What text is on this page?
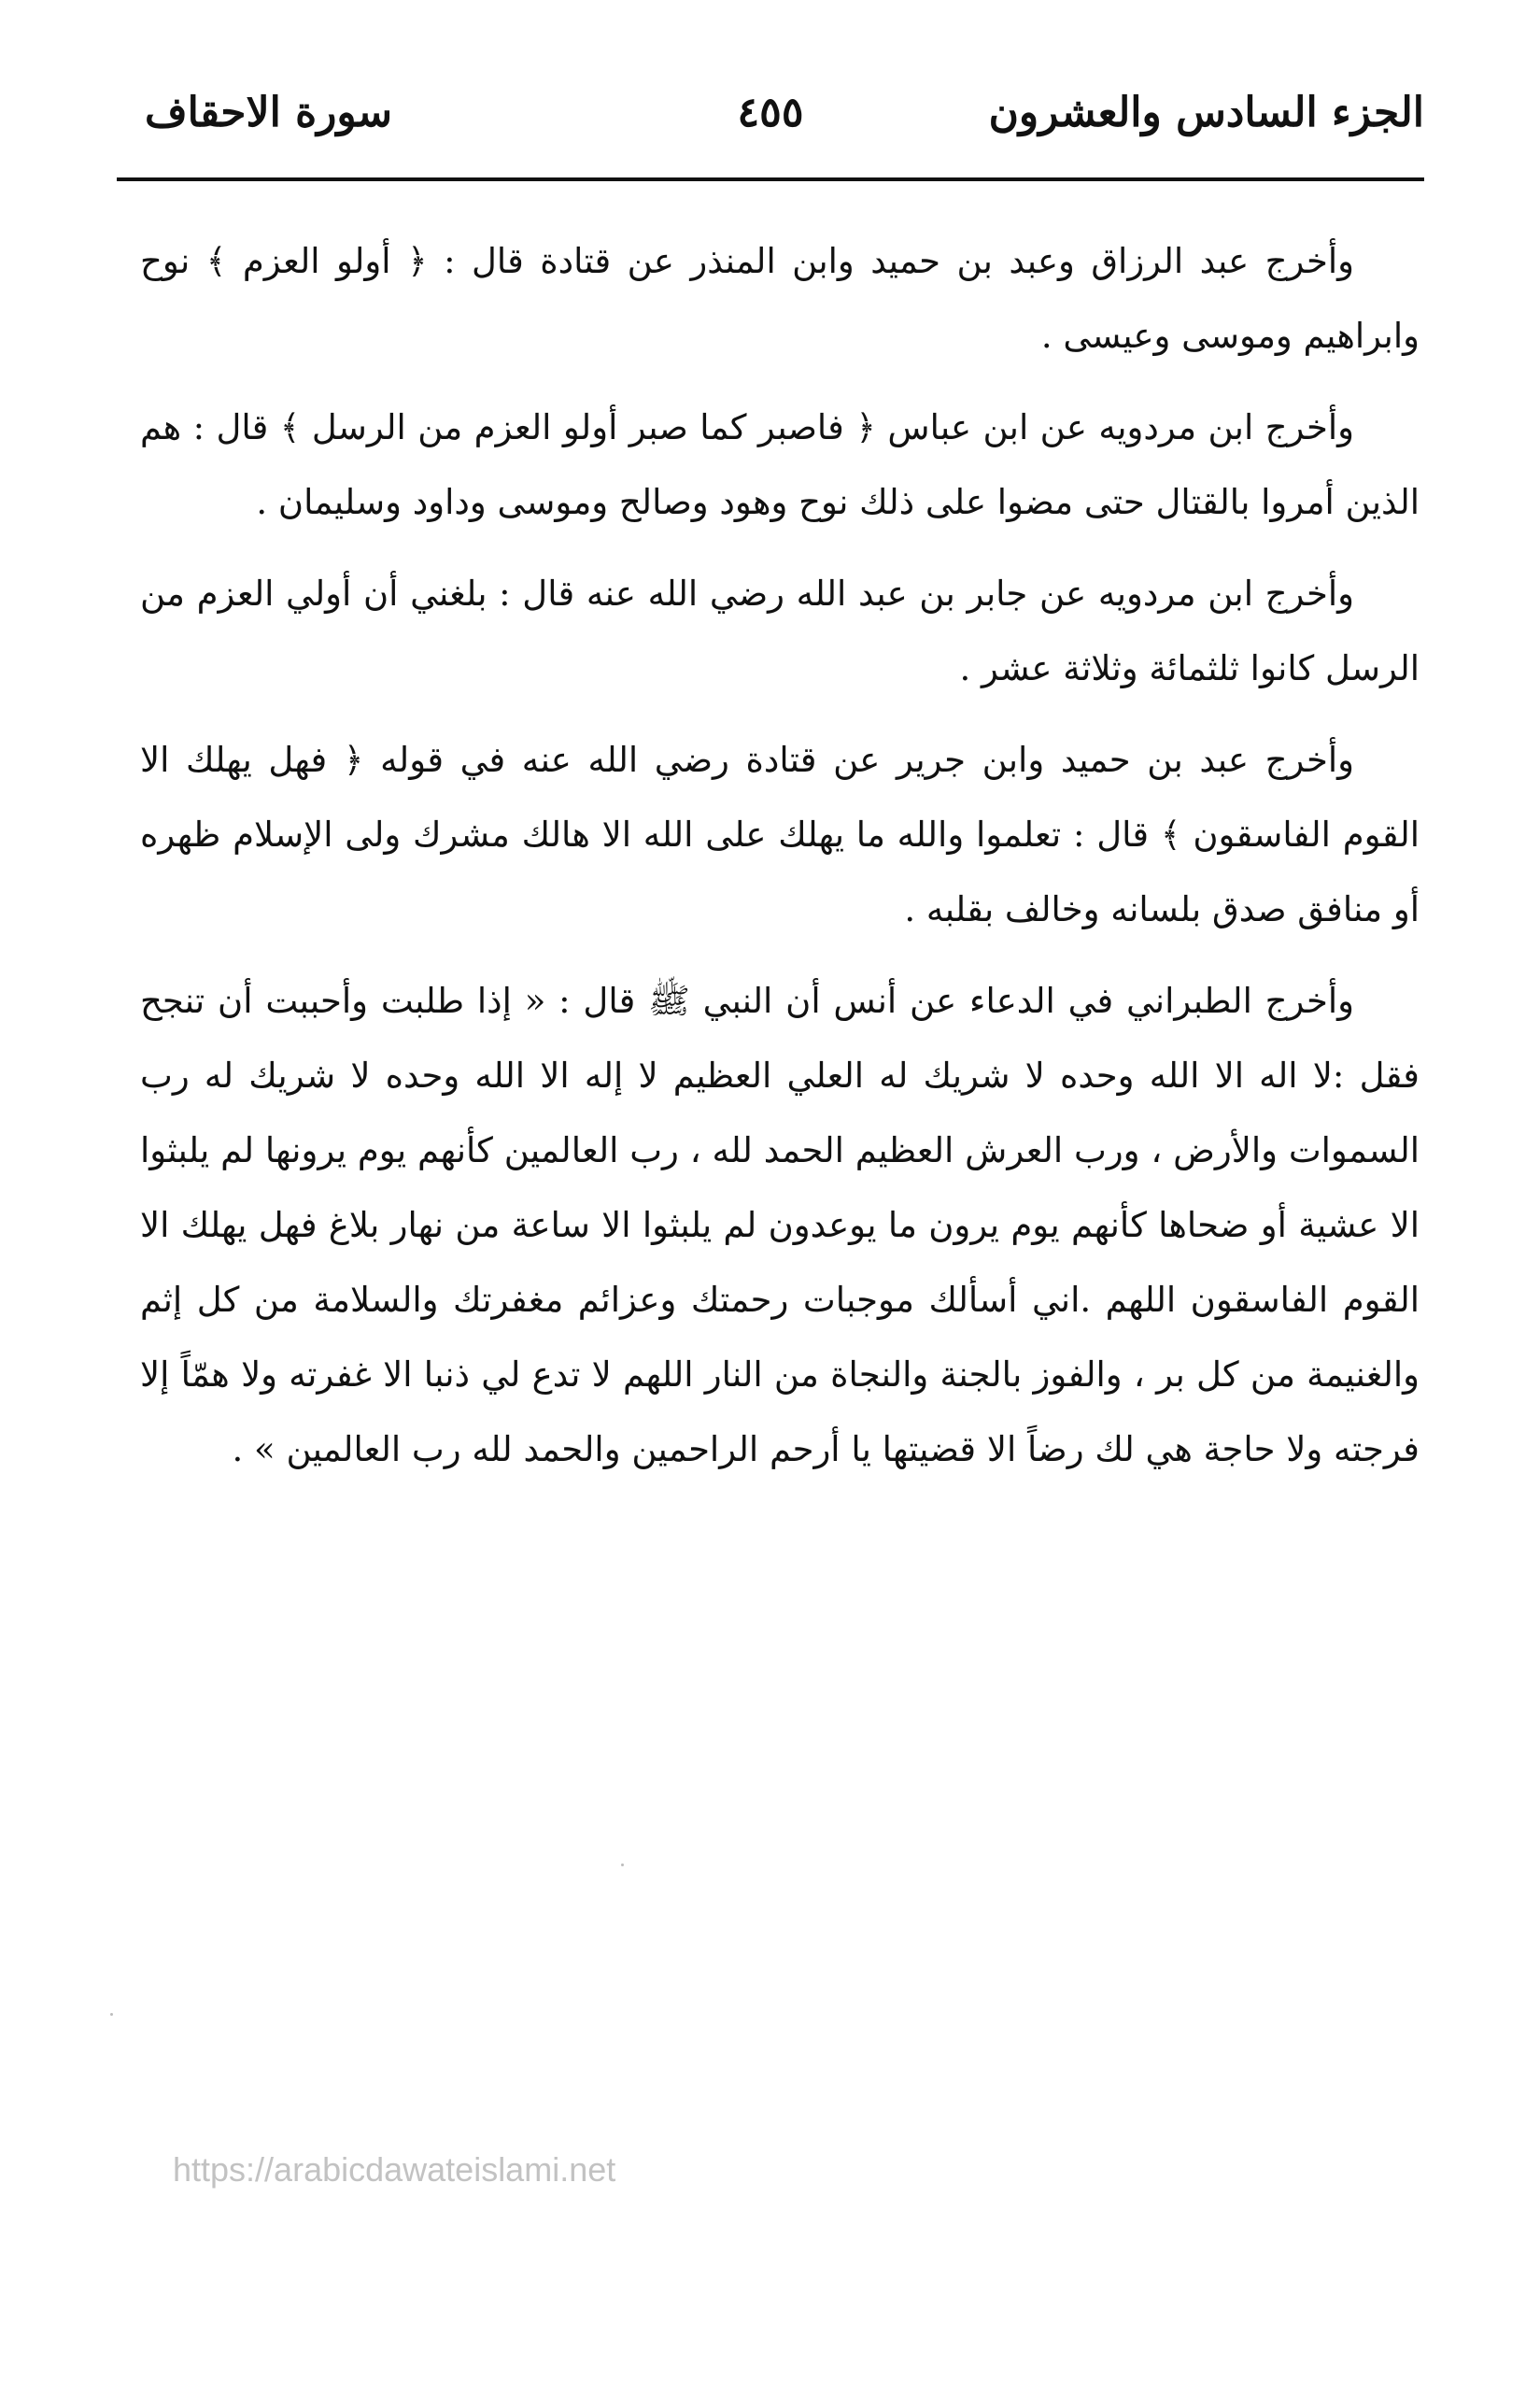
الجزء السادس والعشرون
٤٥٥
سورة الاحقاف

وأخرج عبد الرزاق وعبد بن حميد وابن المنذر عن قتادة قال : ﴿ أولو العزم ﴾ نوح وابراهيم وموسى وعيسى .

وأخرج ابن مردويه عن ابن عباس ﴿ فاصبر كما صبر أولو العزم من الرسل ﴾ قال : هم الذين أمروا بالقتال حتى مضوا على ذلك نوح وهود وصالح وموسى وداود وسليمان .

وأخرج ابن مردويه عن جابر بن عبد الله رضي الله عنه قال : بلغني أن أولي العزم من الرسل كانوا ثلثمائة وثلاثة عشر .

وأخرج عبد بن حميد وابن جرير عن قتادة رضي الله عنه في قوله ﴿ فهل يهلك الا القوم الفاسقون ﴾ قال : تعلموا والله ما يهلك على الله الا هالك مشرك ولى الإسلام ظهره أو منافق صدق بلسانه وخالف بقلبه .

وأخرج الطبراني في الدعاء عن أنس أن النبي ﷺ قال : « إذا طلبت وأحببت أن تنجح فقل :لا اله الا الله وحده لا شريك له العلي العظيم لا إله الا الله وحده لا شريك له رب السموات والأرض ، ورب العرش العظيم الحمد لله ، رب العالمين كأنهم يوم يرونها لم يلبثوا الا عشية أو ضحاها كأنهم يوم يرون ما يوعدون لم يلبثوا الا ساعة من نهار بلاغ فهل يهلك الا القوم الفاسقون اللهم .اني أسألك موجبات رحمتك وعزائم مغفرتك والسلامة من كل إثم والغنيمة من كل بر ، والفوز بالجنة والنجاة من النار اللهم لا تدع لي ذنبا الا غفرته ولا همّاً إلا فرجته ولا حاجة هي لك رضاً الا قضيتها يا أرحم الراحمين والحمد لله رب العالمين » .

https://arabicdawateislami.net
